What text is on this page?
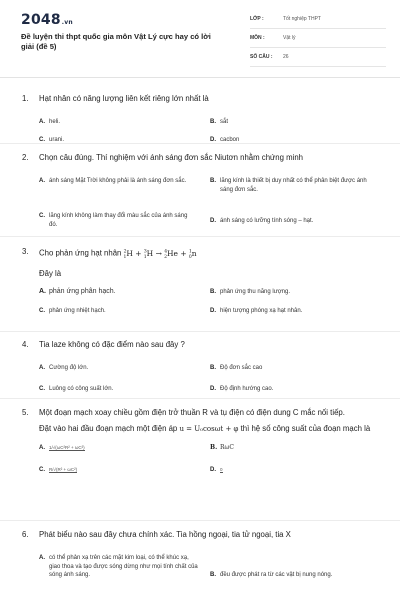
2048.vn
Đề luyện thi thpt quốc gia môn Vật Lý cực hay có lời giải (đề 5)
LỚP :	Tốt nghiệp THPT
MÔN :	Vật lý
SỐ CÂU :	26
1.	Hạt nhân có năng lượng liên kết riêng lớn nhất là
A. heli.	B. sắt
C. urani.	D. cacbon
2.	Chọn câu đúng. Thí nghiệm với ánh sáng đơn sắc Niutơn nhằm chứng minh
A. ánh sáng Mặt Trời không phải là ánh sáng đơn sắc.	B. lăng kính là thiết bị duy nhất có thể phân biệt được ánh sáng đơn sắc.
C. lăng kính không làm thay đổi màu sắc của ánh sáng đó.
D. ánh sáng có lưỡng tính sóng – hạt.
3.	Cho phản ứng hạt nhân $^2_1$H + $^3_1$H → $^4_2$He + $^1_0$n
Đây là
A. phản ứng phân hạch.	B. phản ứng thu năng lượng.
C. phản ứng nhiệt hạch.	D. hiện tượng phóng xạ hạt nhân.
4.	Tia laze không có đặc điểm nào sau đây ?
A. Cường độ lớn.	B. Độ đơn sắc cao
C. Luông có công suất lớn.	D. Độ định hướng cao.
5.	Một đoạn mạch xoay chiều gồm điện trở thuần R và tụ điện có điện dung C mắc nối tiếp.
Đặt vào hai đầu đoạn mạch một điện áp u = U₀cosωt + φ thì hệ số công suất của đoạn mạch là
A. 1/√(ωC²R² + ωC²)	B. RωC
C. R/√(R² + ωC²)	D. 0
6.	Phát biểu nào sau đây chưa chính xác. Tia hồng ngoại, tia tử ngoại, tia X
A. có thể phản xạ trên các mặt kim loại, có thể khúc xạ, giao thoa và tạo được sóng dừng như mọi tính chất của sóng ánh sáng.	B. đều được phát ra từ các vật bị nung nóng.
